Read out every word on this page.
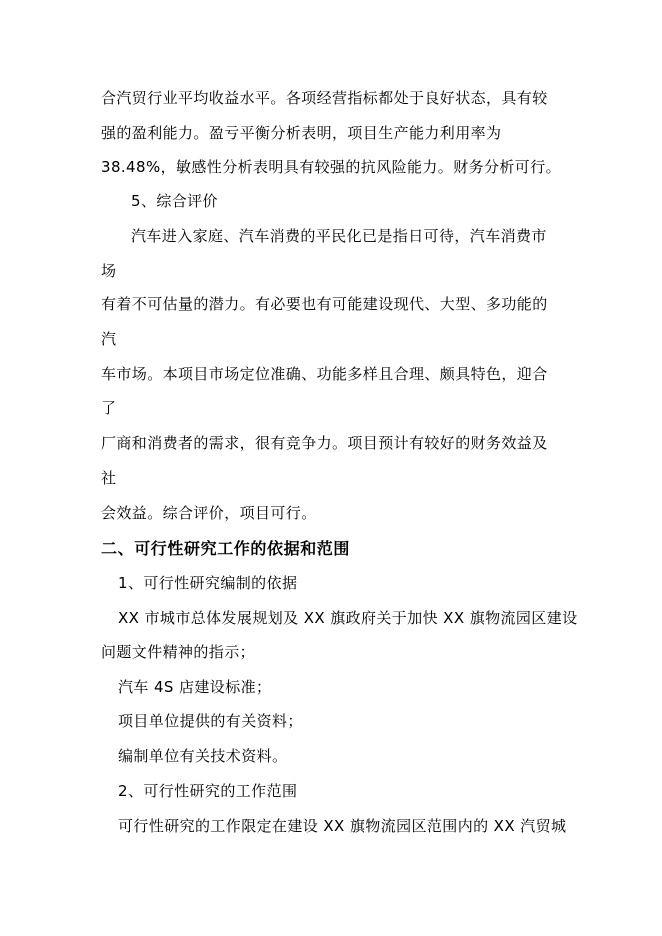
合汽贸行业平均收益水平。各项经营指标都处于良好状态，具有较
强的盈利能力。盈亏平衡分析表明，项目生产能力利用率为
38.48%，敏感性分析表明具有较强的抗风险能力。财务分析可行。
5、综合评价
汽车进入家庭、汽车消费的平民化已是指日可待，汽车消费市
场
有着不可估量的潜力。有必要也有可能建设现代、大型、多功能的
汽
车市场。本项目市场定位准确、功能多样且合理、颇具特色，迎合
了
厂商和消费者的需求，很有竞争力。项目预计有较好的财务效益及
社
会效益。综合评价，项目可行。
二、可行性研究工作的依据和范围
1、可行性研究编制的依据
XX 市城市总体发展规划及 XX 旗政府关于加快 XX 旗物流园区建设
问题文件精神的指示；
汽车 4S 店建设标准；
项目单位提供的有关资料；
编制单位有关技术资料。
2、可行性研究的工作范围
可行性研究的工作限定在建设 XX 旗物流园区范围内的 XX 汽贸城
